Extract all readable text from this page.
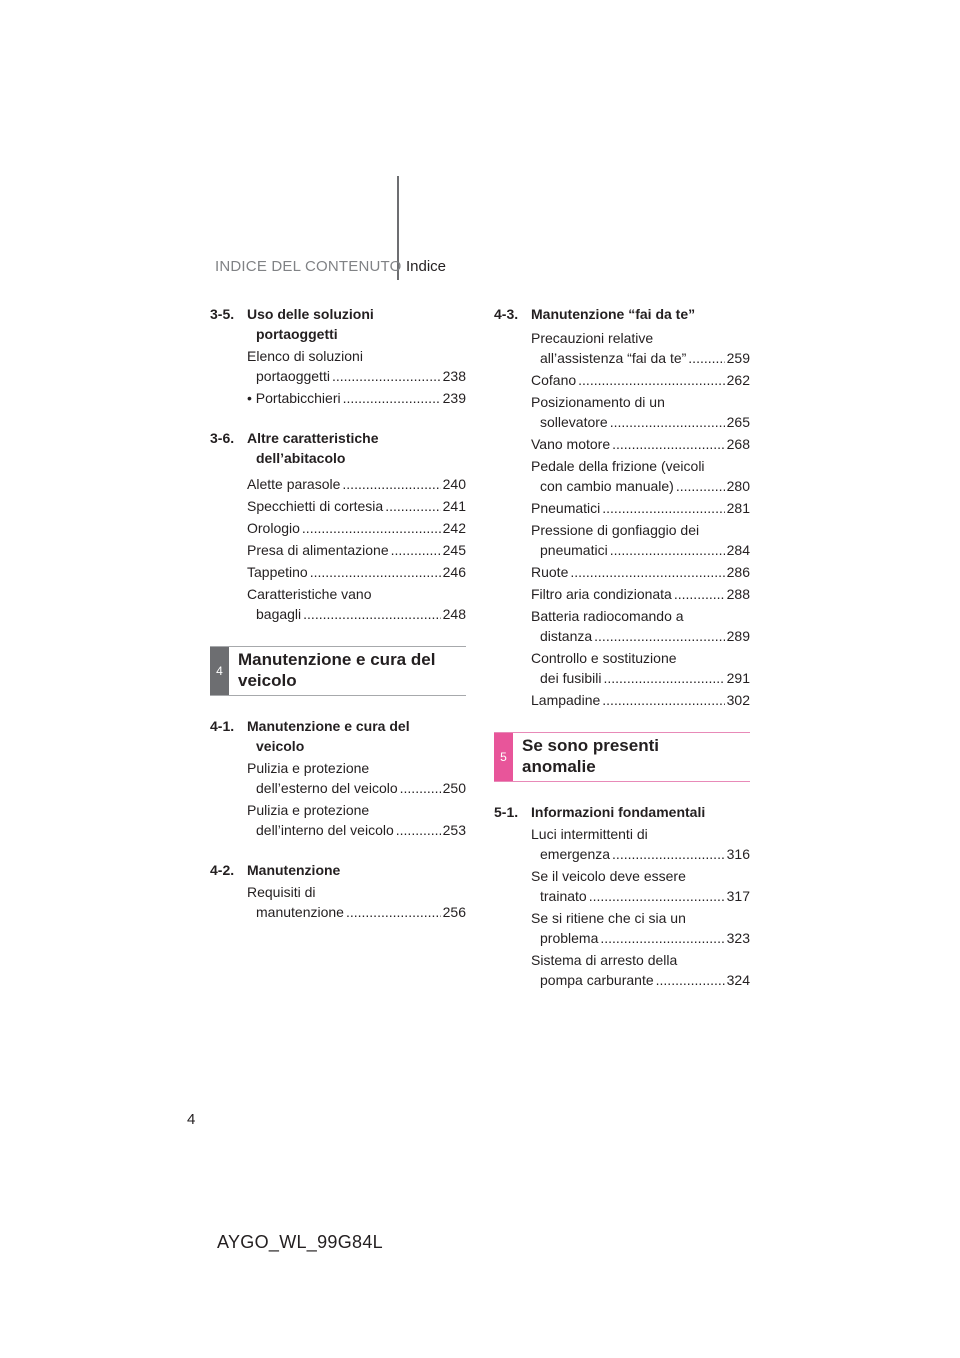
INDICE DEL CONTENUTO Indice
3-5. Uso delle soluzioni
portaoggetti
Elenco di soluzioni
portaoggetti .....	238
• Portabicchieri .....	239
3-6. Altre caratteristiche
dell’abitacolo
Alette parasole .....	240
Specchietti di cortesia .....	241
Orologio .....	242
Presa di alimentazione .....	245
Tappetino .....	246
Caratteristiche vano
bagagli .....	248
4
Manutenzione e cura del
veicolo
4-1. Manutenzione e cura del
veicolo
Pulizia e protezione
dell’esterno del veicolo .....	250
Pulizia e protezione
dell’interno del veicolo .....	253
4-2. Manutenzione
Requisiti di
manutenzione .....	256
4-3. Manutenzione “fai da te”
Precauzioni relative
all’assistenza “fai da te” .....	259
Cofano .....	262
Posizionamento di un
sollevatore .....	265
Vano motore .....	268
Pedale della frizione (veicoli
con cambio manuale) .....	280
Pneumatici .....	281
Pressione di gonfiaggio dei
pneumatici .....	284
Ruote .....	286
Filtro aria condizionata .....	288
Batteria radiocomando a
distanza .....	289
Controllo e sostituzione
dei fusibili .....	291
Lampadine .....	302
5
Se sono presenti
anomalie
5-1. Informazioni fondamentali
Luci intermittenti di
emergenza .....	316
Se il veicolo deve essere
trainato .....	317
Se si ritiene che ci sia un
problema .....	323
Sistema di arresto della
pompa carburante .....	324
4
AYGO_WL_99G84L
